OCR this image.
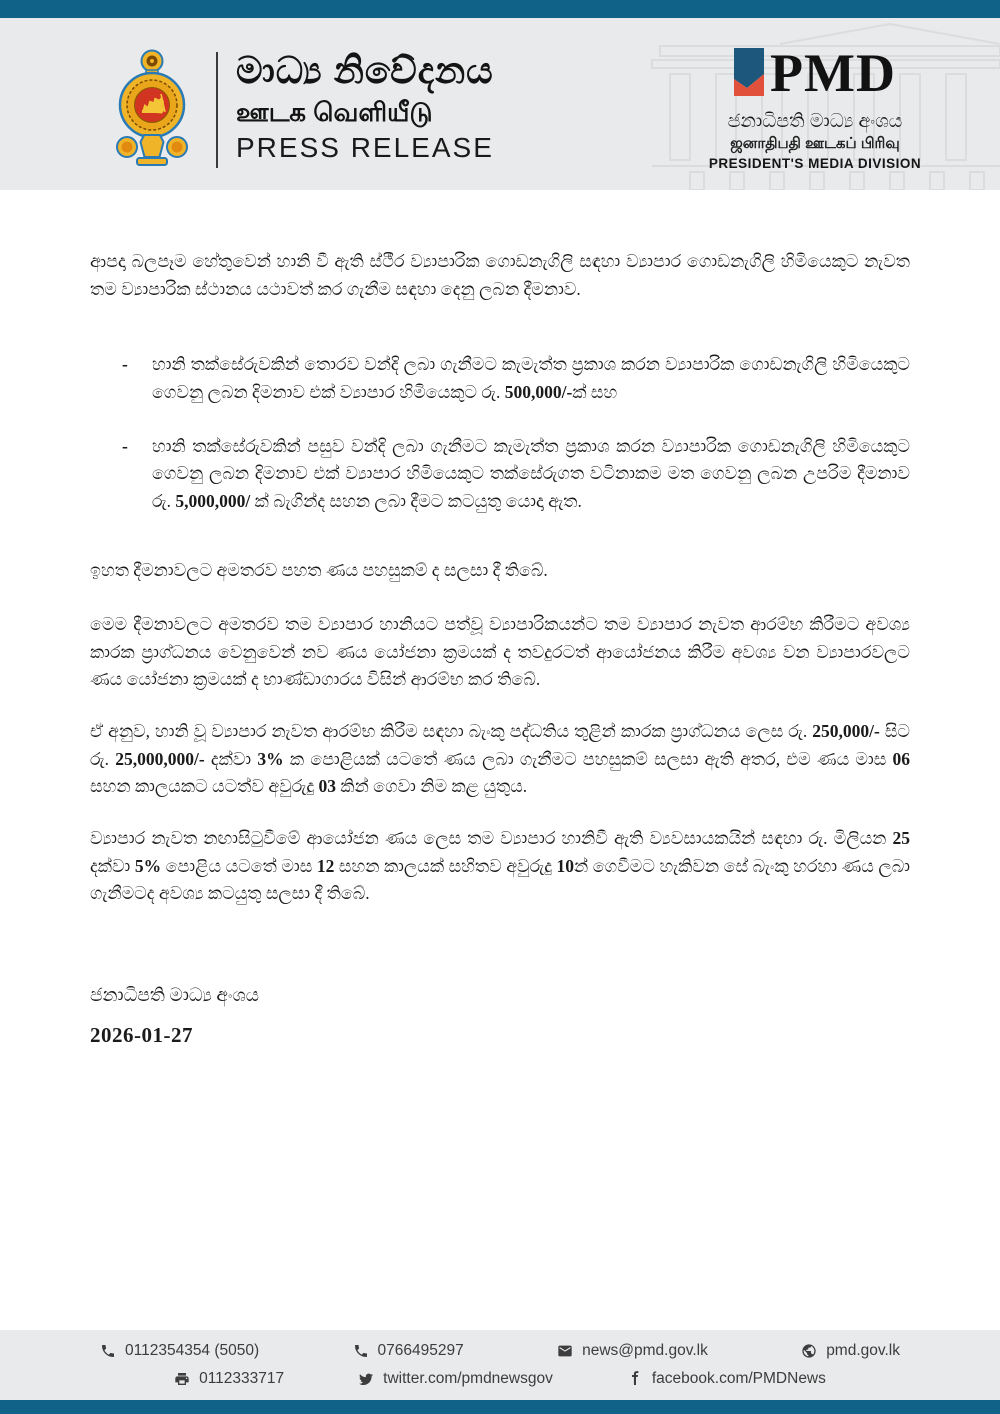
මාධ්‍ය නිවේදනය
ஊடக வெளியீடு
PRESS RELEASE
PMD
ජනාධිපති මාධ්‍ය අංශය
ஜனாதிபதி ஊடகப் பிரிவு
PRESIDENT'S MEDIA DIVISION
ආපදා බලපෑම හේතුවෙන් හානි වී ඇති ස්ථීර ව්‍යාපාරික ගොඩනැගිලි සඳහා ව්‍යාපාර ගොඩනැගිලි හිමියෙකුට නැවත තම ව්‍යාපාරික ස්ථානය යථාවත් කර ගැනීම සඳහා දෙනු ලබන දීමනාව.
-	හානි තක්සේරුවකින් තොරව වන්දි ලබා ගැනීමට කැමැත්ත ප්‍රකාශ කරන ව්‍යාපාරික ගොඩනැගිලි හිමියෙකුට ගෙවනු ලබන දිමනාව එක් ව්‍යාපාර හිමියෙකුට රු. 500,000/-ක් සහ
-	හානි තක්සේරුවකින් පසුව වන්දි ලබා ගැනීමට කැමැත්ත ප්‍රකාශ කරන ව්‍යාපාරික ගොඩනැගිලි හිමියෙකුට ගෙවනු ලබන දිමනාව එක් ව්‍යාපාර හිමියෙකුට තක්සේරුගත වටිනාකම මත ගෙවනු ලබන උපරිම දීමනාව රු. 5,000,000/ ක් බැගින්ද සහන ලබා දීමට කටයුතු යොදා ඇත.
ඉහත දීමනාවලට අමතරව පහත ණය පහසුකම් ද සලසා දී තිබේ.
මෙම දීමනාවලට අමතරව තම ව්‍යාපාර හානියට පත්වූ ව්‍යාපාරිකයන්ට තම ව්‍යාපාර නැවත ආරම්භ කිරීමට අවශ්‍ය කාරක ප්‍රාග්ධනය වෙනුවෙන් නව ණය යෝජනා ක්‍රමයක් ද තවදුරටත් ආයෝජනය කිරීම අවශ්‍ය වන ව්‍යාපාරවලට ණය යෝජනා ක්‍රමයක් ද භාණ්ඩාගාරය විසින් ආරම්භ කර තිබේ.
ඒ අනුව, හානි වූ ව්‍යාපාර නැවත ආරම්භ කිරීම සඳහා බැංකු පද්ධතිය තුළින් කාරක ප්‍රාග්ධනය ලෙස රු. 250,000/- සිට රු. 25,000,000/- දක්වා 3% ක පොළියක් යටතේ ණය ලබා ගැනීමට පහසුකම් සලසා ඇති අතර, එම ණය මාස 06 සහන කාලයකට යටත්ව අවුරුදු 03 කින් ගෙවා නිම කළ යුතුය.
ව්‍යාපාර නැවත නඟාසිටුවීමේ ආයෝජන ණය ලෙස තම ව්‍යාපාර හානිවී ඇති ව්‍යවසායකයින් සඳහා රු. මිලියන 25 දක්වා 5% පොළිය යටතේ මාස 12 සහන කාලයක් සහිතව අවුරුදු 10න් ගෙවීමට හැකිවන සේ බැංකු හරහා ණය ලබා ගැනීමටද අවශ්‍ය කටයුතු සලසා දී තිබේ.
ජනාධිපති මාධ්‍ය අංශය
2026-01-27
0112354354 (5050)	0766495297	news@pmd.gov.lk	pmd.gov.lk
0112333717	twitter.com/pmdnewsgov	facebook.com/PMDNews
